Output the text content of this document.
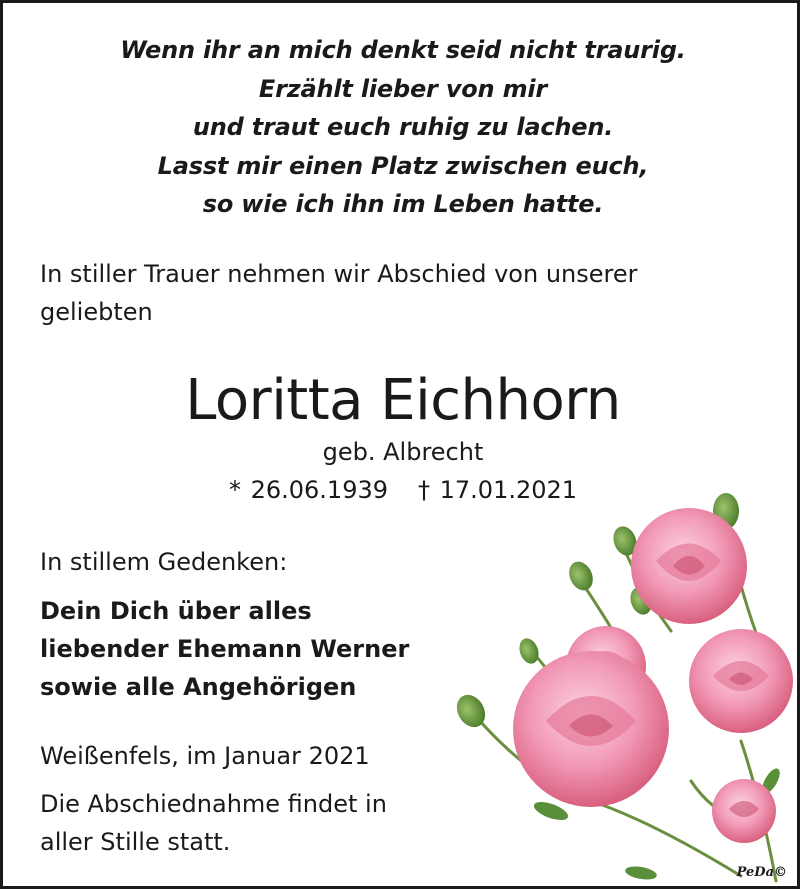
Wenn ihr an mich denkt seid nicht traurig.
Erzählt lieber von mir
und traut euch ruhig zu lachen.
Lasst mir einen Platz zwischen euch,
so wie ich ihn im Leben hatte.
In stiller Trauer nehmen wir Abschied von unserer geliebten
Loritta Eichhorn
geb. Albrecht
* 26.06.1939 † 17.01.2021
In stillem Gedenken:
Dein Dich über alles
liebender Ehemann Werner
sowie alle Angehörigen
Weißenfels, im Januar 2021
Die Abschiednahme findet in
aller Stille statt.
PeDa©
